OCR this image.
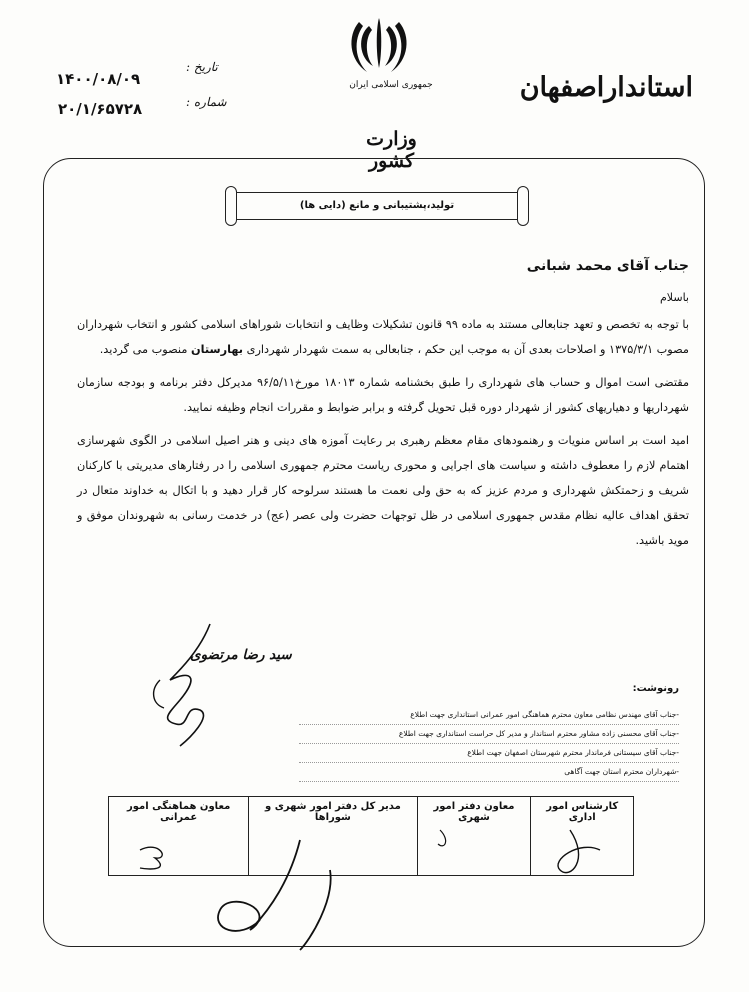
استانداراصفهان
جمهوری اسلامی ایران
وزارت کشور
تاریخ :
شماره :
۱۴۰۰/۰۸/۰۹
۲۰/۱/۶۵۷۲۸
تولید،پشتیبانی و مانع (دایی ها)
جناب آقای محمد شبانی
باسلام

با توجه به تخصص و تعهد جنابعالی مستند به ماده ۹۹ قانون تشکیلات وظایف و انتخابات شوراهای اسلامی کشور و انتخاب شهرداران مصوب ۱۳۷۵/۳/۱ و اصلاحات بعدی آن به موجب این حکم ، جنابعالی به سمت شهردار شهرداری بهارستان منصوب می گردید.

مقتضی است اموال و حساب های شهرداری را طبق بخشنامه شماره ۱۸۰۱۳ مورخ۹۶/۵/۱۱ مدیرکل دفتر برنامه و بودجه سازمان شهرداریها و دهیاریهای کشور از شهردار دوره قبل تحویل گرفته و برابر ضوابط و مقررات انجام وظیفه نمایید.

امید است بر اساس منویات و رهنمودهای مقام معظم رهبری بر رعایت آموزه های دینی و هنر اصیل اسلامی در الگوی شهرسازی اهتمام لازم را معطوف داشته و سیاست های اجرایی و محوری ریاست محترم جمهوری اسلامی را در رفتارهای مدیریتی با کارکنان شریف و زحمتکش شهرداری و مردم عزیز که به حق ولی نعمت ما هستند سرلوحه کار قرار دهید و با اتکال به خداوند متعال در تحقق اهداف عالیه نظام مقدس جمهوری اسلامی در ظل توجهات حضرت ولی عصر (عج) در خدمت رسانی به شهروندان موفق و موید باشید.

سید رضا مرتضوی
رونوشت:
-جناب آقای مهندس نظامی معاون محترم هماهنگی امور عمرانی استانداری جهت اطلاع
-جناب آقای محسنی زاده مشاور محترم استاندار و مدیر کل حراست استانداری جهت اطلاع
-جناب آقای سیستانی فرماندار محترم شهرستان اصفهان جهت اطلاع
-شهرداران محترم استان جهت آگاهی
کارشناس امور اداری	معاون دفتر امور شهری	مدیر کل دفتر امور شهری و شوراها	معاون هماهنگی امور عمرانی
